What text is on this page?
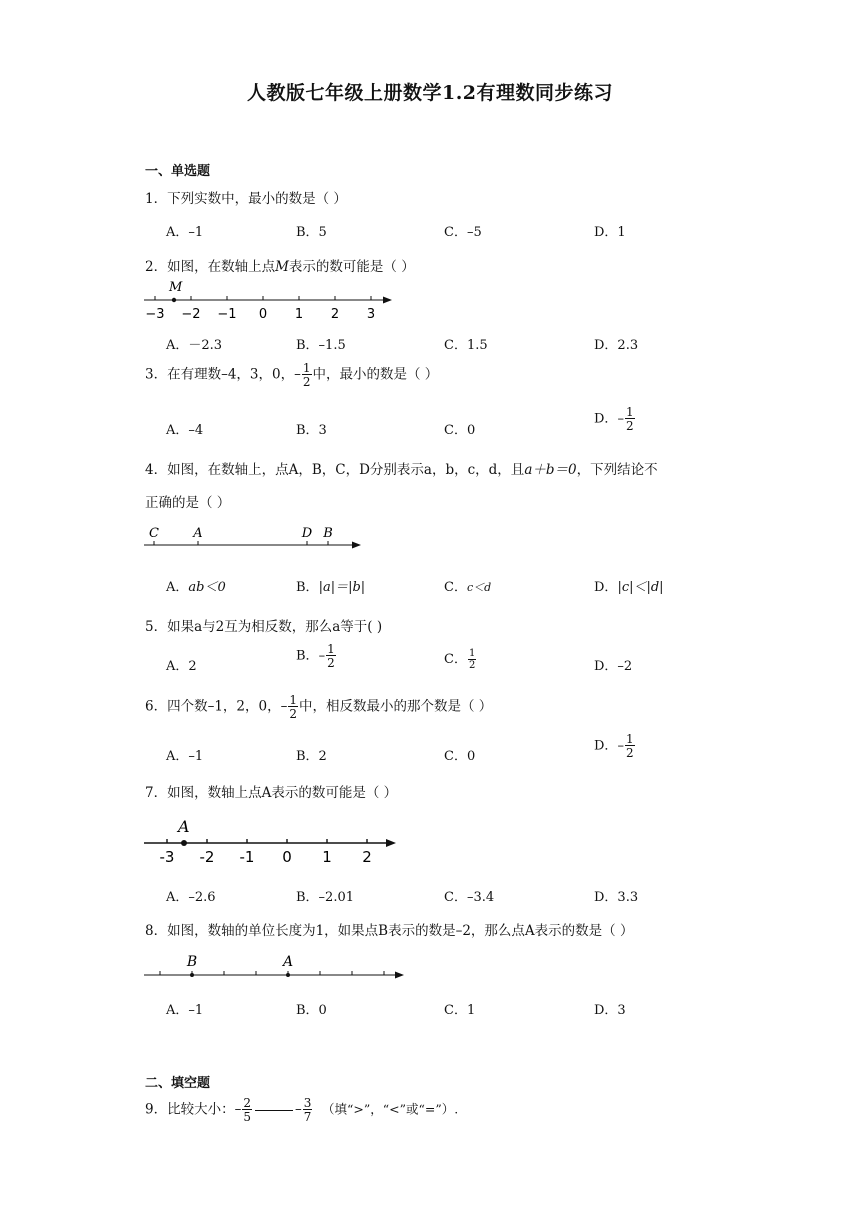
人教版七年级上册数学1.2有理数同步练习
一、单选题
1．下列实数中，最小的数是（ ）
A．–1	B．5	C．–5	D．1
2．如图，在数轴上点M表示的数可能是（ ）
M
−3 −2 −1 0 1 2 3
A．－2.3	B．–1.5	C．1.5	D．2.3
3．在有理数–4，3，0，– $\frac{1}{2}$ 中，最小的数是（ ）
A．–4	B．3	C．0
D．– $\frac{1}{2}$
4．如图，在数轴上，点A，B，C，D分别表示a，b，c，d，且a＋b＝0，下列结论不
正确的是（ ）
C	A	D B
A．ab＜0	B．|a|＝|b|	C．c＜d	D．|c|＜|d|
5．如果a与2互为相反数，那么a等于( )
A．2
B．– $\frac{1}{2}$	C． $\frac{1}{2}$	D．–2
6．四个数–1，2，0，– $\frac{1}{2}$ 中，相反数最小的那个数是（ ）
A．–1	B．2	C．0
D．– $\frac{1}{2}$
7．如图，数轴上点A表示的数可能是（ ）
A
-3 -2 -1 0 1 2
A．–2.6	B．–2.01	C．–3.4	D．3.3
8．如图，数轴的单位长度为1，如果点B表示的数是–2，那么点A表示的数是（ ）
B	A
A．–1	B．0	C．1	D．3
二、填空题
9．比较大小：– $\frac{2}{5}$	– $\frac{3}{7}$ （填“>”，“<”或“=”）.
